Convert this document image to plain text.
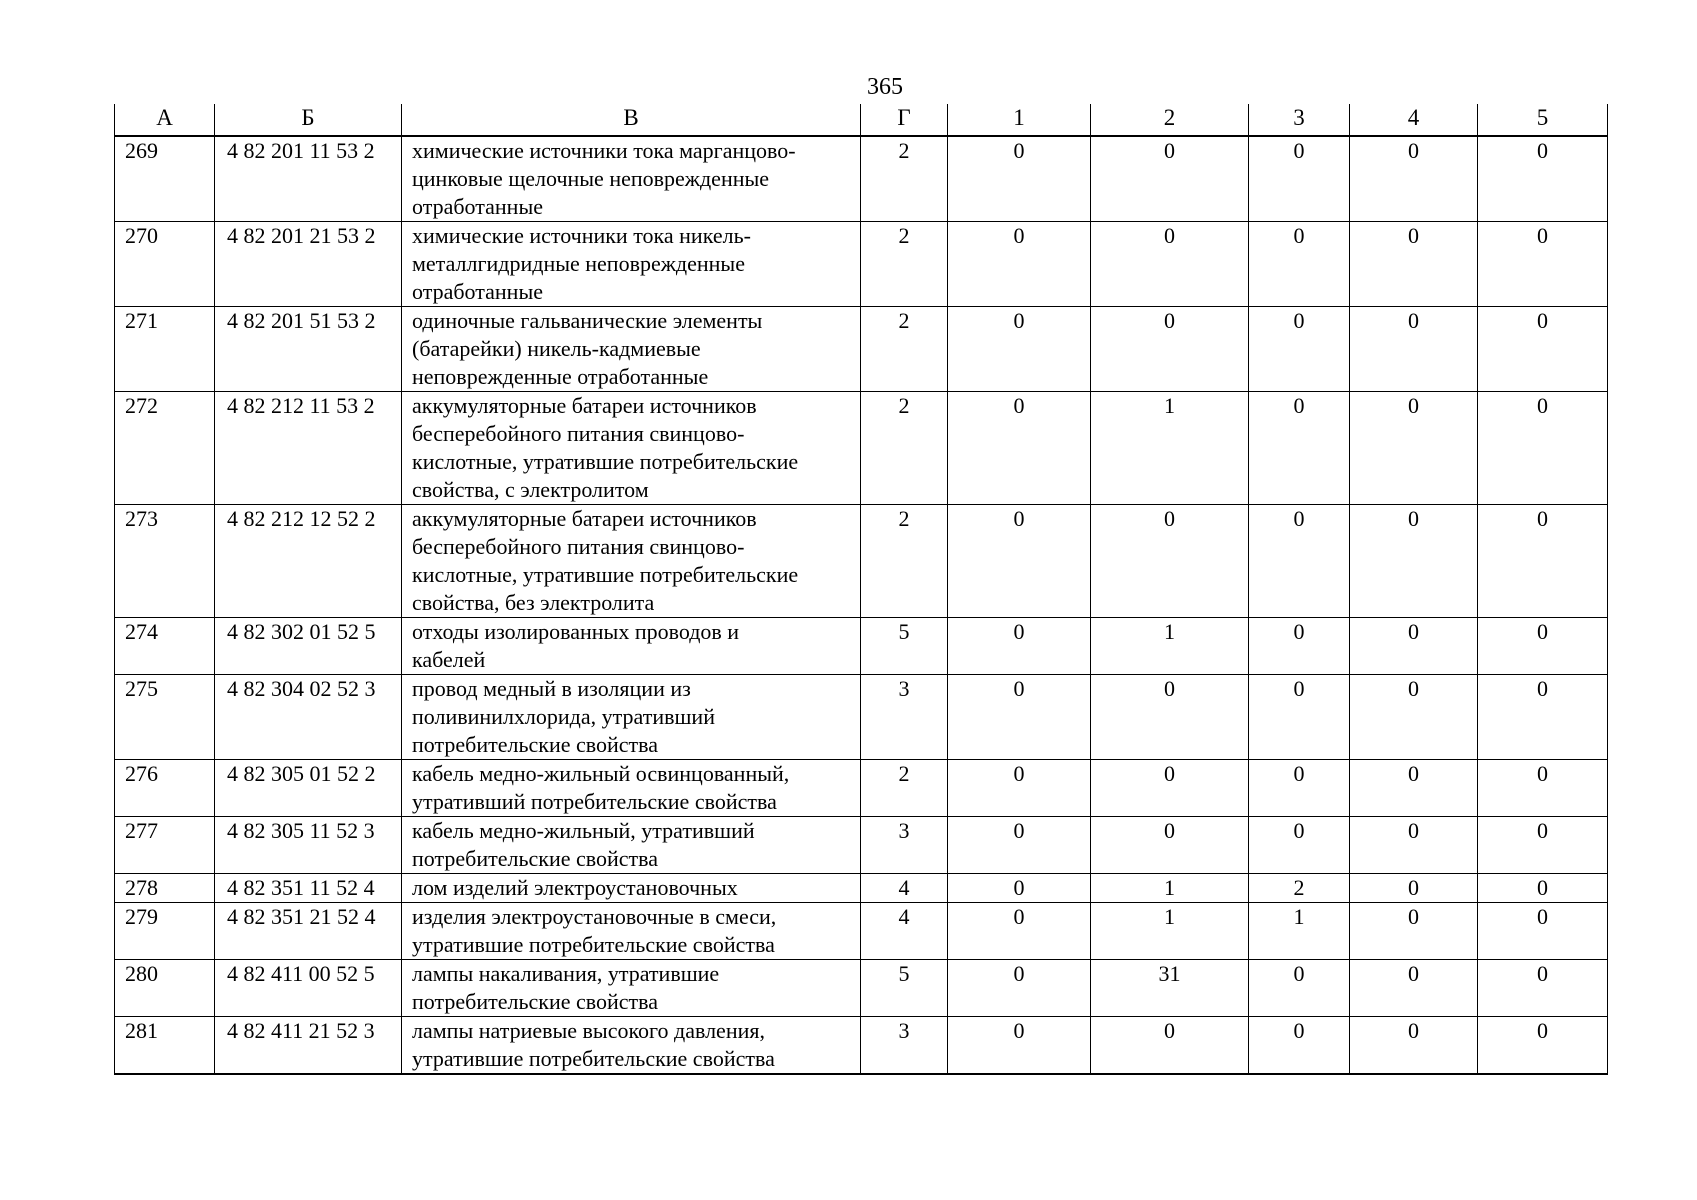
365
А	Б	В	Г	1	2	3	4	5
269	4 82 201 11 53 2	химические источники тока марганцово-
цинковые щелочные неповрежденные
отработанные	2	0	0	0	0	0
270	4 82 201 21 53 2	химические источники тока никель-
металлгидридные неповрежденные
отработанные	2	0	0	0	0	0
271	4 82 201 51 53 2	одиночные гальванические элементы
(батарейки) никель-кадмиевые
неповрежденные отработанные	2	0	0	0	0	0
272	4 82 212 11 53 2	аккумуляторные батареи источников
бесперебойного питания свинцово-
кислотные, утратившие потребительские
свойства, с электролитом	2	0	1	0	0	0
273	4 82 212 12 52 2	аккумуляторные батареи источников
бесперебойного питания свинцово-
кислотные, утратившие потребительские
свойства, без электролита	2	0	0	0	0	0
274	4 82 302 01 52 5	отходы изолированных проводов и
кабелей	5	0	1	0	0	0
275	4 82 304 02 52 3	провод медный в изоляции из
поливинилхлорида, утративший
потребительские свойства	3	0	0	0	0	0
276	4 82 305 01 52 2	кабель медно-жильный освинцованный,
утративший потребительские свойства	2	0	0	0	0	0
277	4 82 305 11 52 3	кабель медно-жильный, утративший
потребительские свойства	3	0	0	0	0	0
278	4 82 351 11 52 4	лом изделий электроустановочных	4	0	1	2	0	0
279	4 82 351 21 52 4	изделия электроустановочные в смеси,
утратившие потребительские свойства	4	0	1	1	0	0
280	4 82 411 00 52 5	лампы накаливания, утратившие
потребительские свойства	5	0	31	0	0	0
281	4 82 411 21 52 3	лампы натриевые высокого давления,
утратившие потребительские свойства	3	0	0	0	0	0
